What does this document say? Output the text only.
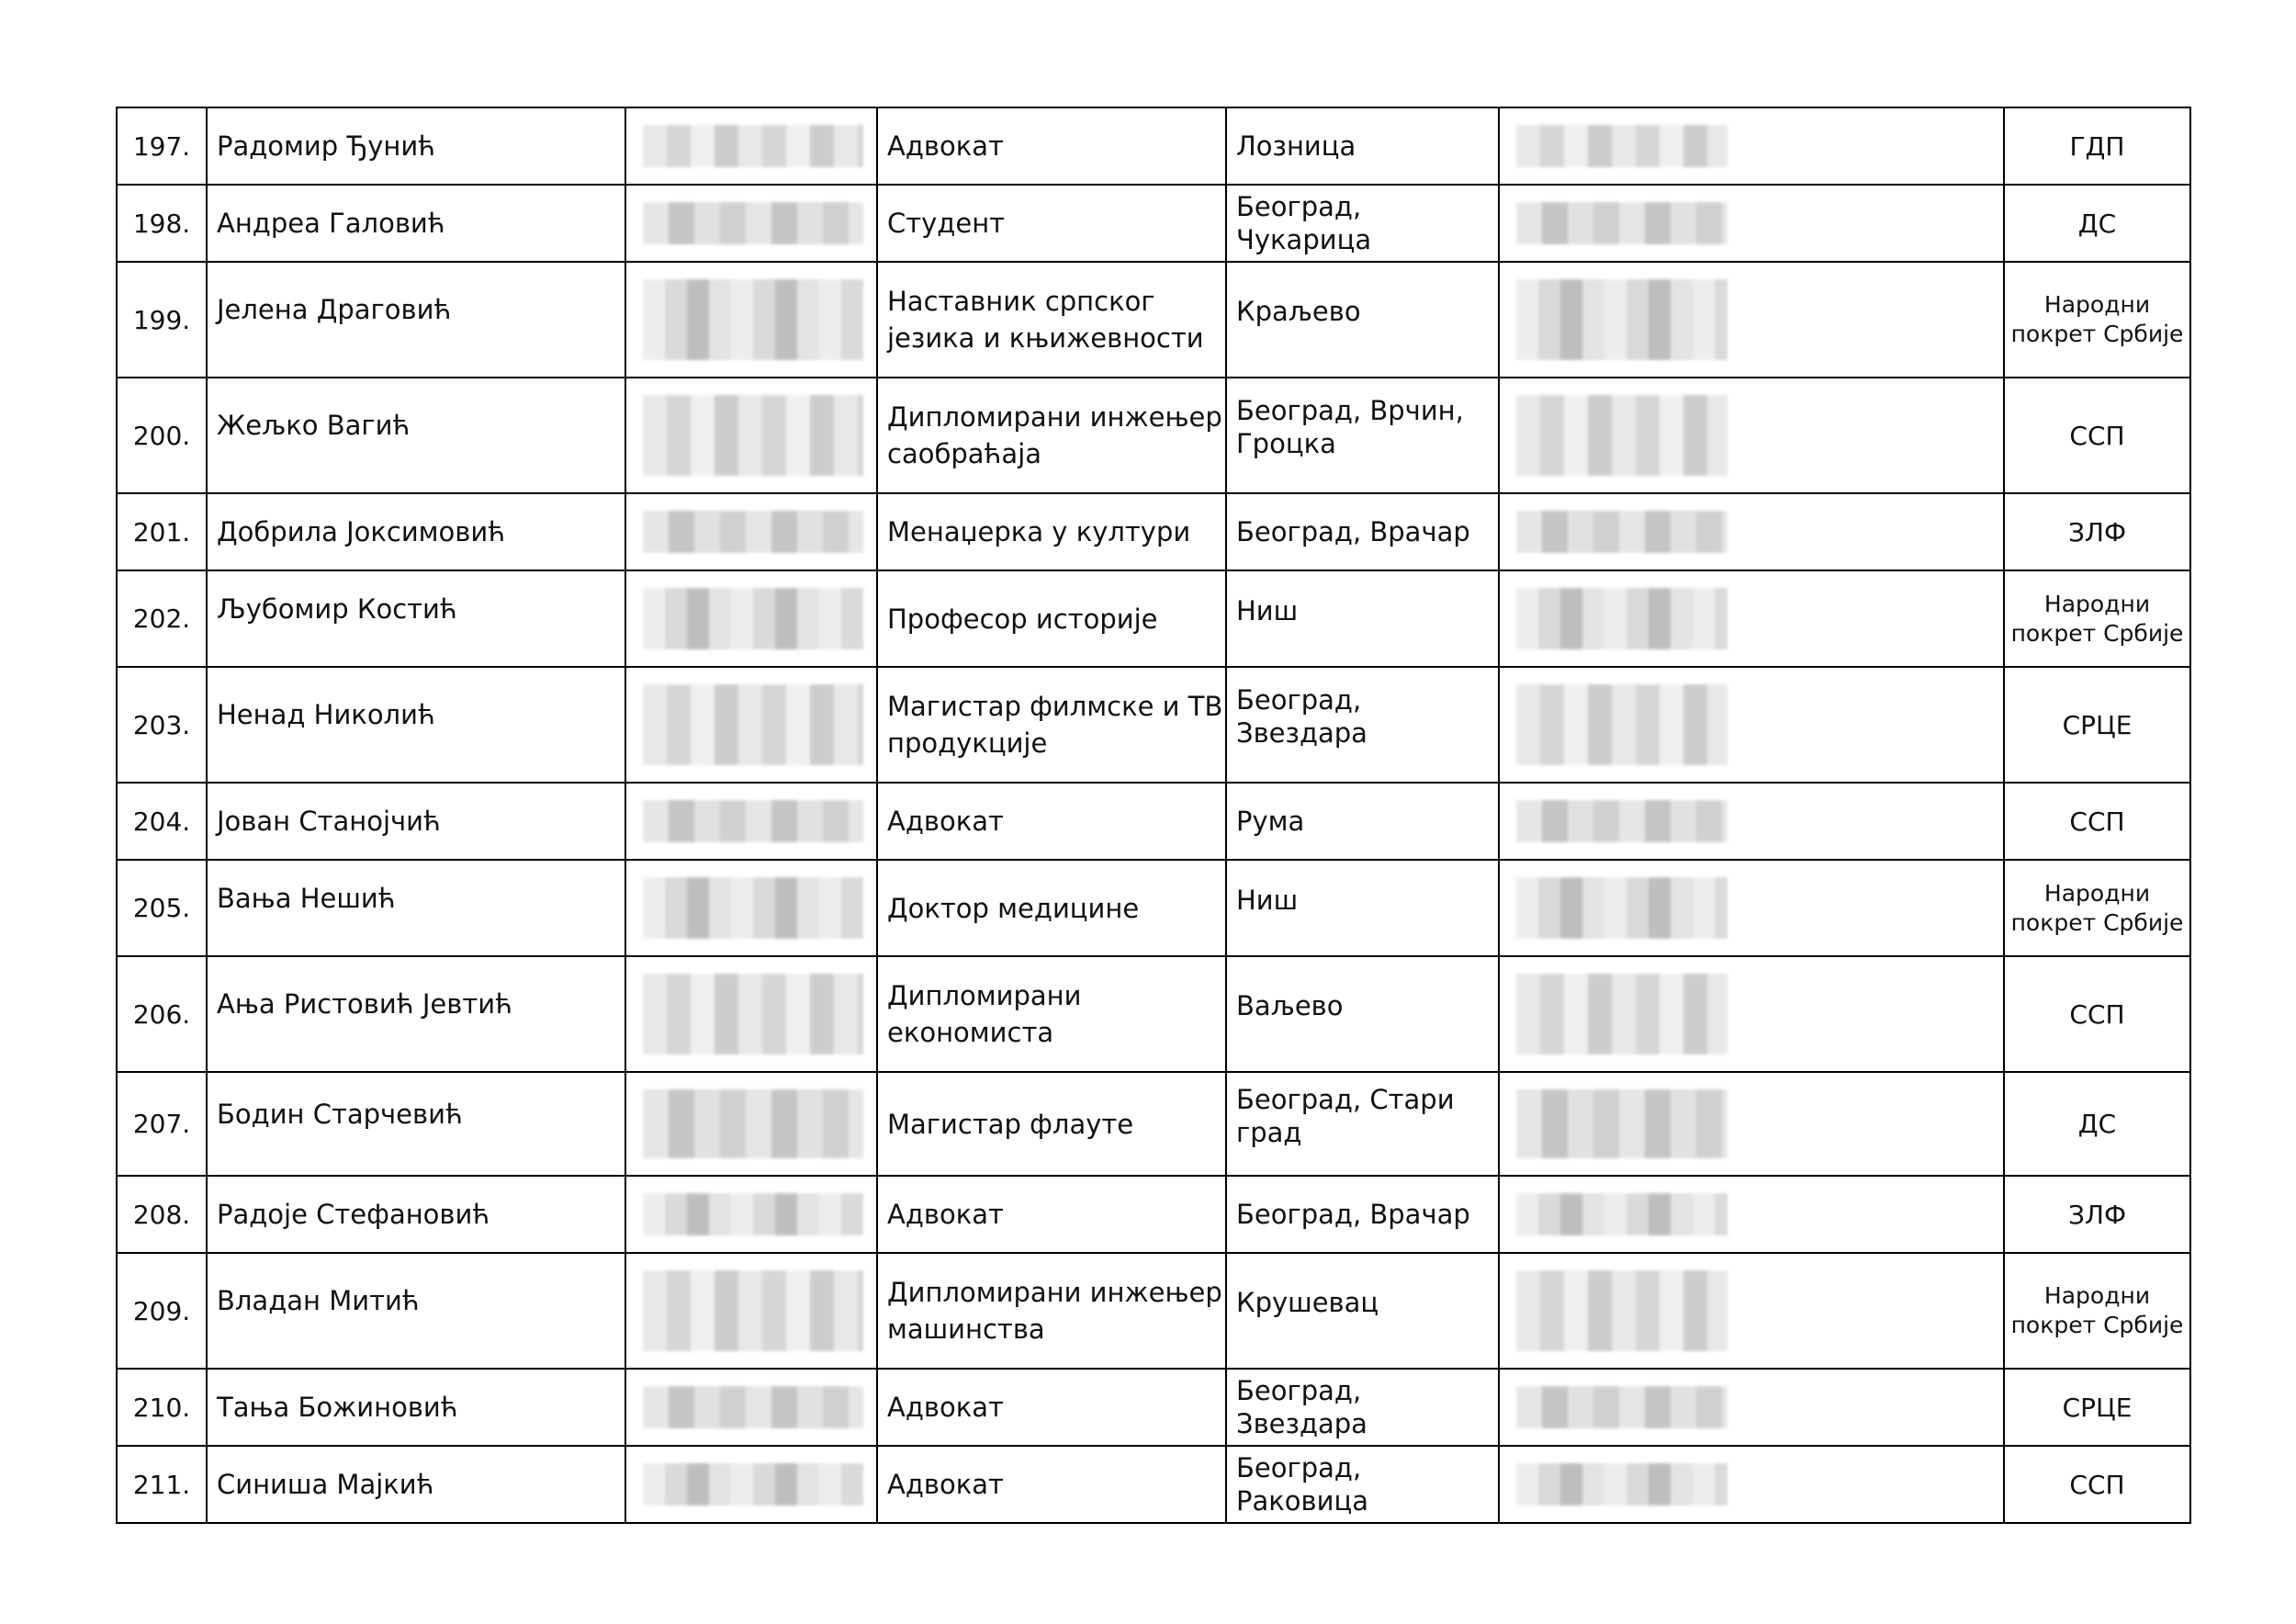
197.	Радомир Ђунић		Адвокат	Лозница		ГДП

198.	Андреа Галовић		Студент	Београд, Чукарица		ДС

199.	Јелена Драговић		Наставник српског језика и књижевности	Краљево		Народни покрет Србије

200.	Жељко Вагић		Дипломирани инжењер саобраћаја	Београд, Врчин, Гроцка		ССП

201.	Добрила Јоксимовић		Менаџерка у култури	Београд, Врачар		ЗЛФ

202.	Љубомир Костић		Професор историје	Ниш		Народни покрет Србије

203.	Ненад Николић		Магистар филмске и ТВ продукције	Београд, Звездара		СРЦЕ

204.	Јован Станојчић		Адвокат	Рума		ССП

205.	Вања Нешић		Доктор медицине	Ниш		Народни покрет Србије

206.	Ања Ристовић Јевтић		Дипломирани економиста	Ваљево		ССП

207.	Бодин Старчевић		Магистар флауте	Београд, Стари град		ДС

208.	Радоје Стефановић		Адвокат	Београд, Врачар		ЗЛФ

209.	Владан Митић		Дипломирани инжењер машинства	Крушевац		Народни покрет Србије

210.	Тања Божиновић		Адвокат	Београд, Звездара		СРЦЕ

211.	Синиша Мајкић		Адвокат	Београд, Раковица		ССП
